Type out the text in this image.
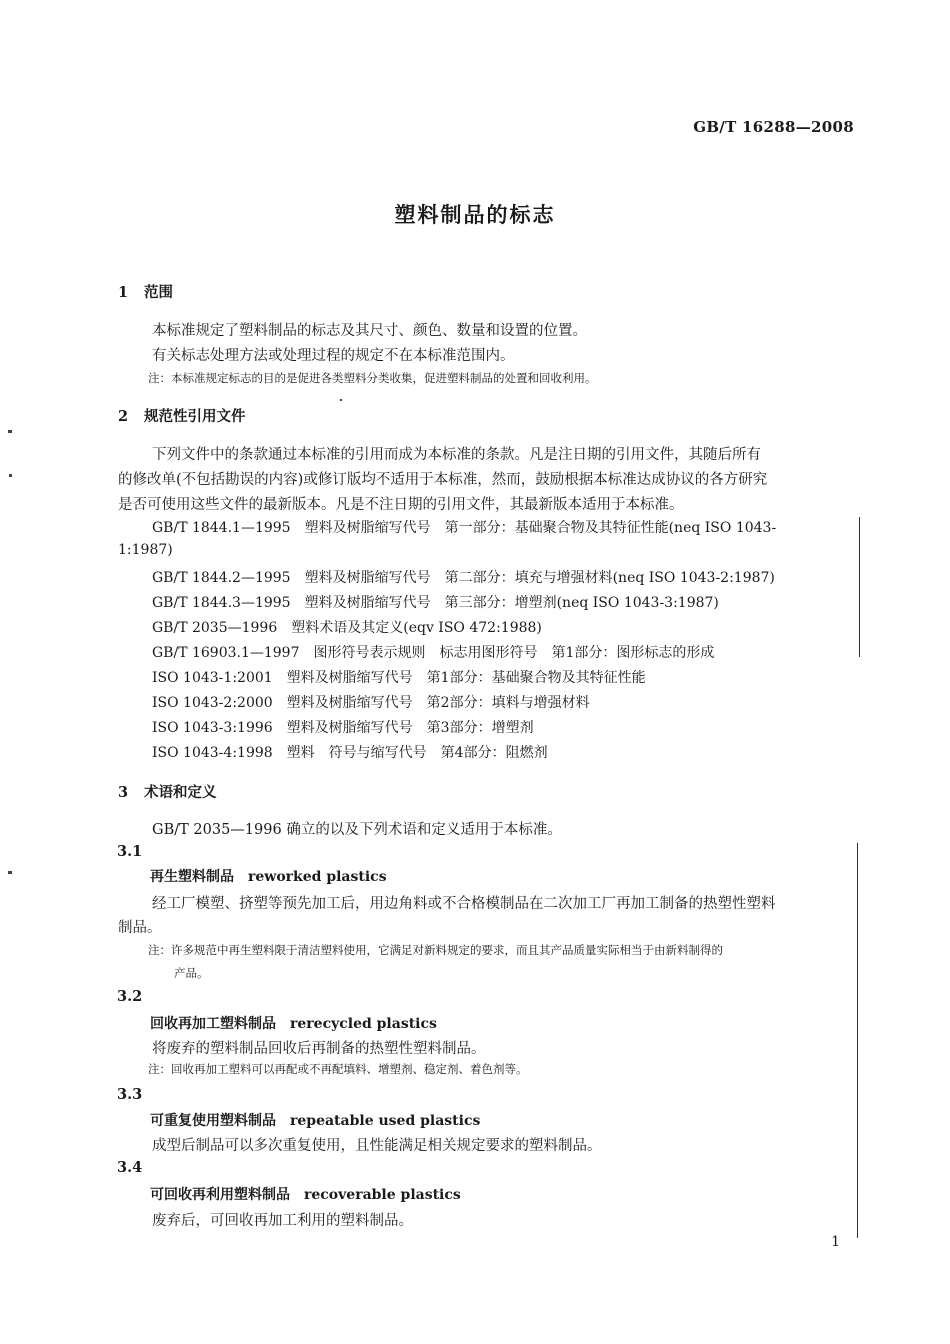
GB/T 16288—2008
塑料制品的标志
1 范围
本标准规定了塑料制品的标志及其尺寸、颜色、数量和设置的位置。
有关标志处理方法或处理过程的规定不在本标准范围内。
注：本标准规定标志的目的是促进各类塑料分类收集，促进塑料制品的处置和回收利用。
2 规范性引用文件
下列文件中的条款通过本标准的引用而成为本标准的条款。凡是注日期的引用文件，其随后所有
的修改单(不包括勘误的内容)或修订版均不适用于本标准，然而，鼓励根据本标准达成协议的各方研究
是否可使用这些文件的最新版本。凡是不注日期的引用文件，其最新版本适用于本标准。
GB/T 1844.1—1995　 塑料及树脂缩写代号　第一部分：基础聚合物及其特征性能(neq ISO 1043-
1:1987)
GB/T 1844.2—1995　 塑料及树脂缩写代号　第二部分：填充与增强材料(neq ISO 1043-2:1987)
GB/T 1844.3—1995　 塑料及树脂缩写代号　第三部分：增塑剂(neq ISO 1043-3:1987)
GB/T 2035—1996　 塑料术语及其定义(eqv ISO 472:1988)
GB/T 16903.1—1997　 图形符号表示规则　标志用图形符号　第1部分：图形标志的形成
ISO 1043-1:2001　 塑料及树脂缩写代号　第1部分：基础聚合物及其特征性能
ISO 1043-2:2000　 塑料及树脂缩写代号　第2部分：填料与增强材料
ISO 1043-3:1996　 塑料及树脂缩写代号　第3部分：增塑剂
ISO 1043-4:1998　 塑料　符号与缩写代号　第4部分：阻燃剂
3 术语和定义
GB/T 2035—1996 确立的以及下列术语和定义适用于本标准。
3.1
再生塑料制品 reworked plastics
经工厂模塑、挤塑等预先加工后，用边角料或不合格模制品在二次加工厂再加工制备的热塑性塑料
制品。
注：许多规范中再生塑料限于清洁塑料使用，它满足对新料规定的要求，而且其产品质量实际相当于由新料制得的
产品。
3.2
回收再加工塑料制品 rerecycled plastics
将废弃的塑料制品回收后再制备的热塑性塑料制品。
注：回收再加工塑料可以再配或不再配填料、增塑剂、稳定剂、着色剂等。
3.3
可重复使用塑料制品 repeatable used plastics
成型后制品可以多次重复使用，且性能满足相关规定要求的塑料制品。
3.4
可回收再利用塑料制品 recoverable plastics
废弃后，可回收再加工利用的塑料制品。
1
